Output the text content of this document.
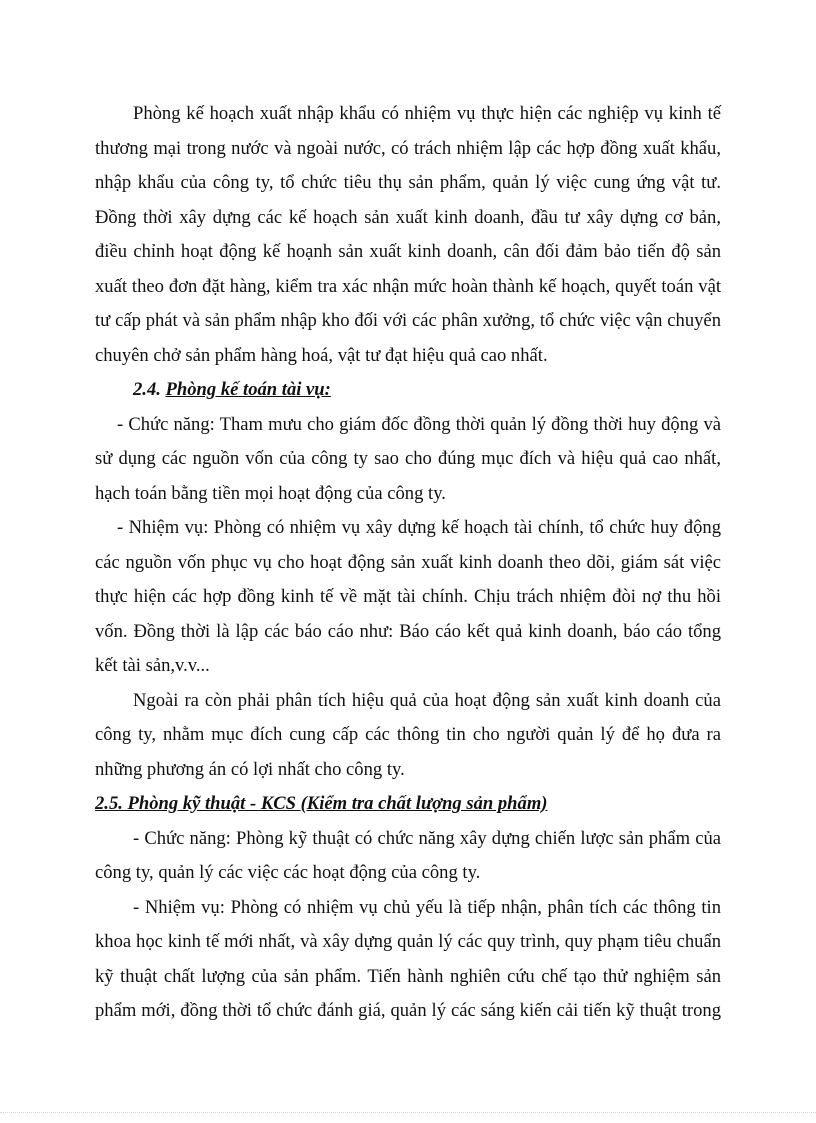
Phòng kế hoạch xuất nhập khẩu có nhiệm vụ thực hiện các nghiệp vụ kinh tế thương mại trong nước và ngoài nước, có trách nhiệm lập các hợp đồng xuất khẩu, nhập khẩu của công ty, tổ chức tiêu thụ sản phẩm, quản lý việc cung ứng vật tư. Đồng thời xây dựng các kế hoạch sản xuất kinh doanh, đầu tư xây dựng cơ bản, điều chỉnh hoạt động kế hoạnh sản xuất kinh doanh, cân đối đảm bảo tiến độ sản xuất theo đơn đặt hàng, kiểm tra xác nhận mức hoàn thành kế hoạch, quyết toán vật tư cấp phát và sản phẩm nhập kho đối với các phân xưởng, tổ chức việc vận chuyển chuyên chở sản phẩm hàng hoá, vật tư đạt hiệu quả cao nhất.

2.4. Phòng kế toán tài vụ:

- Chức năng: Tham mưu cho giám đốc đồng thời quản lý đồng thời huy động và sử dụng các nguồn vốn của công ty sao cho đúng mục đích và hiệu quả cao nhất, hạch toán bằng tiền mọi hoạt động của công ty.

- Nhiệm vụ: Phòng có nhiệm vụ xây dựng kế hoạch tài chính, tổ chức huy động các nguồn vốn phục vụ cho hoạt động sản xuất kinh doanh theo dõi, giám sát việc thực hiện các hợp đồng kinh tế về mặt tài chính. Chịu trách nhiệm đòi nợ thu hồi vốn. Đồng thời là lập các báo cáo như: Báo cáo kết quả kinh doanh, báo cáo tổng kết tài sản,v.v...

Ngoài ra còn phải phân tích hiệu quả của hoạt động sản xuất kinh doanh của công ty, nhằm mục đích cung cấp các thông tin cho người quản lý để họ đưa ra những phương án có lợi nhất cho công ty.

2.5. Phòng kỹ thuật - KCS (Kiểm tra chất lượng sản phẩm)

- Chức năng: Phòng kỹ thuật có chức năng xây dựng chiến lược sản phẩm của công ty, quản lý các việc các hoạt động của công ty.

- Nhiệm vụ: Phòng có nhiệm vụ chủ yếu là tiếp nhận, phân tích các thông tin khoa học kinh tế mới nhất, và xây dựng quản lý các quy trình, quy phạm tiêu chuẩn kỹ thuật chất lượng của sản phẩm. Tiến hành nghiên cứu chế tạo thử nghiệm sản phẩm mới, đồng thời tổ chức đánh giá, quản lý các sáng kiến cải tiến kỹ thuật trong
